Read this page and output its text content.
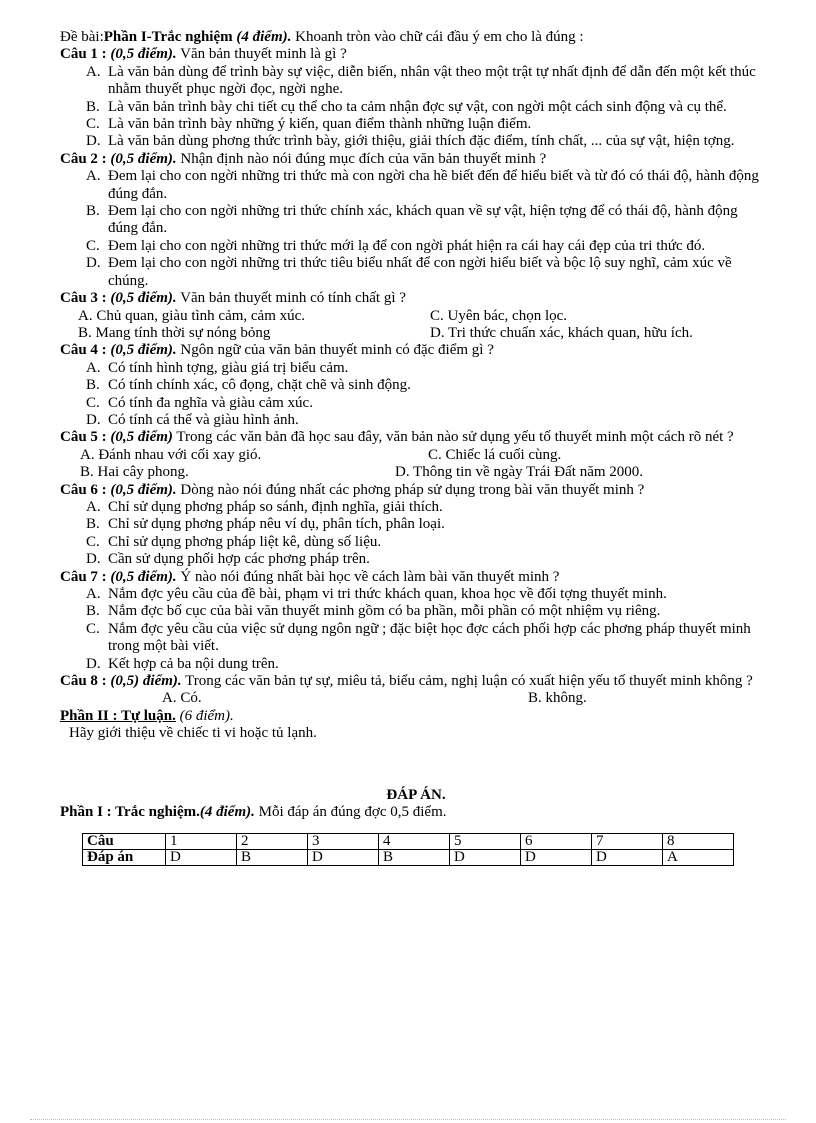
Đề bài:Phần I-Trắc nghiệm (4 điểm). Khoanh tròn vào chữ cái đầu ý em cho là đúng :
Câu 1 : (0,5 điểm). Văn bản thuyết minh là gì ?
A. Là văn bản dùng để trình bày sự việc, diễn biến, nhân vật theo một trật tự nhất định để dẫn đến một kết thúc nhằm thuyết phục ngời đọc, ngời nghe.
B. Là văn bản trình bày chi tiết cụ thể cho ta cảm nhận đợc sự vật, con ngời một cách sinh động và cụ thể.
C. Là văn bản trình bày những ý kiến, quan điểm thành những luận điểm.
D. Là văn bản dùng phơng thức trình bày, giới thiệu, giải thích đặc điểm, tính chất, ... của sự vật, hiện tợng.
Câu 2 : (0,5 điểm). Nhận định nào nói đúng mục đích của văn bản thuyết minh ?
A. Đem lại cho con ngời những tri thức mà con ngời cha hề biết đến để hiểu biết và từ đó có thái độ, hành động đúng đắn.
B. Đem lại cho con ngời những tri thức chính xác, khách quan về sự vật, hiện tợng để có thái độ, hành động đúng đắn.
C. Đem lại cho con ngời những tri thức mới lạ để con ngời phát hiện ra cái hay cái đẹp của tri thức đó.
D. Đem lại cho con ngời những tri thức tiêu biểu nhất để con ngời hiểu biết và bộc lộ suy nghĩ, cảm xúc về chúng.
Câu 3 : (0,5 điểm). Văn bản thuyết minh có tính chất gì ?
A. Chủ quan, giàu tình cảm, cảm xúc.	C. Uyên bác, chọn lọc.
B. Mang tính thời sự nóng bỏng	D. Tri thức chuẩn xác, khách quan, hữu ích.
Câu 4 : (0,5 điểm). Ngôn ngữ của văn bản thuyết minh có đặc điểm gì ?
A. Có tính hình tợng, giàu giá trị biểu cảm.
B. Có tính chính xác, cô đọng, chặt chẽ và sinh động.
C. Có tính đa nghĩa và giàu cảm xúc.
D. Có tính cá thể và giàu hình ảnh.
Câu 5 : (0,5 điểm) Trong các văn bản đã học sau đây, văn bản nào sử dụng yếu tố thuyết minh một cách rõ nét ?
A. Đánh nhau với cối xay gió.	C. Chiếc lá cuối cùng.
B. Hai cây phong.	D. Thông tin về ngày Trái Đất năm 2000.
Câu 6 : (0,5 điểm). Dòng nào nói đúng nhất các phơng pháp sử dụng trong bài văn thuyết minh ?
A. Chỉ sử dụng phơng pháp so sánh, định nghĩa, giải thích.
B. Chỉ sử dụng phơng pháp nêu ví dụ, phân tích, phân loại.
C. Chỉ sử dụng phơng pháp liệt kê, dùng số liệu.
D. Cần sử dụng phối hợp các phơng pháp trên.
Câu 7 : (0,5 điểm). Ý nào nói đúng nhất bài học về cách làm bài văn thuyết minh ?
A. Nắm đợc yêu cầu của đề bài, phạm vi tri thức khách quan, khoa học về đối tợng thuyết minh.
B. Nắm đợc bố cục của bài văn thuyết minh gồm có ba phần, mỗi phần có một nhiệm vụ riêng.
C. Nắm đợc yêu cầu của việc sử dụng ngôn ngữ ; đặc biệt học đợc cách phối hợp các phơng pháp thuyết minh trong một bài viết.
D. Kết hợp cả ba nội dung trên.
Câu 8 : (0,5) điểm). Trong các văn bản tự sự, miêu tả, biểu cảm, nghị luận có xuất hiện yếu tố thuyết minh không ?
A. Có.	B. không.
Phần II : Tự luận. (6 điểm).
Hãy giới thiệu về chiếc ti vi hoặc tủ lạnh.
ĐÁP ÁN.
Phần I : Trắc nghiệm.(4 điểm). Mỗi đáp án đúng đợc 0,5 điểm.
Câu	1	2	3	4	5	6	7	8
Đáp án	D	B	D	B	D	D	D	A
